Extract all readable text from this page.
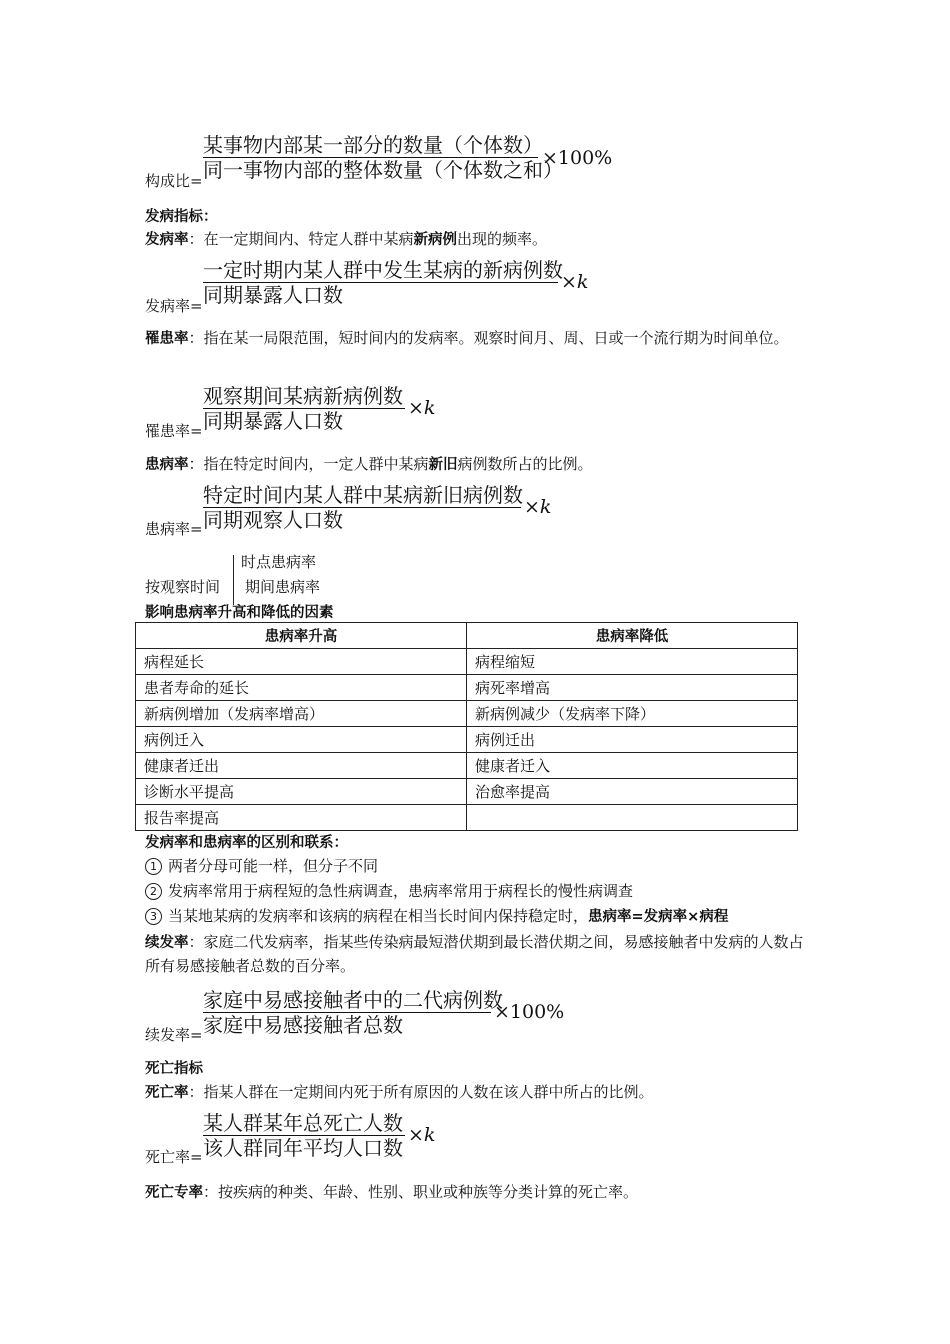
某事物内部某一部分的数量（个体数）
同一事物内部的整体数量（个体数之和）
×100%
构成比=
发病指标：
发病率：在一定期间内、特定人群中某病新病例出现的频率。
一定时期内某人群中发生某病的新病例数
同期暴露人口数
×k
发病率=
罹患率：指在某一局限范围，短时间内的发病率。观察时间月、周、日或一个流行期为时间单位。
观察期间某病新病例数
同期暴露人口数
×k
罹患率=
患病率：指在特定时间内，一定人群中某病新旧病例数所占的比例。
特定时间内某人群中某病新旧病例数
同期观察人口数
×k
患病率=
按观察时间
时点患病率
期间患病率
影响患病率升高和降低的因素
患病率升高	患病率降低
病程延长	病程缩短
患者寿命的延长	病死率增高
新病例增加（发病率增高）	新病例减少（发病率下降）
病例迁入	病例迁出
健康者迁出	健康者迁入
诊断水平提高	治愈率提高
报告率提高	
发病率和患病率的区别和联系：
1 两者分母可能一样，但分子不同
2 发病率常用于病程短的急性病调查，患病率常用于病程长的慢性病调查
3 当某地某病的发病率和该病的病程在相当长时间内保持稳定时，患病率=发病率×病程
续发率：家庭二代发病率，指某些传染病最短潜伏期到最长潜伏期之间，易感接触者中发病的人数占所有易感接触者总数的百分率。
家庭中易感接触者中的二代病例数
家庭中易感接触者总数
×100%
续发率=
死亡指标
死亡率：指某人群在一定期间内死于所有原因的人数在该人群中所占的比例。
某人群某年总死亡人数
该人群同年平均人口数
×k
死亡率=
死亡专率：按疾病的种类、年龄、性别、职业或种族等分类计算的死亡率。
